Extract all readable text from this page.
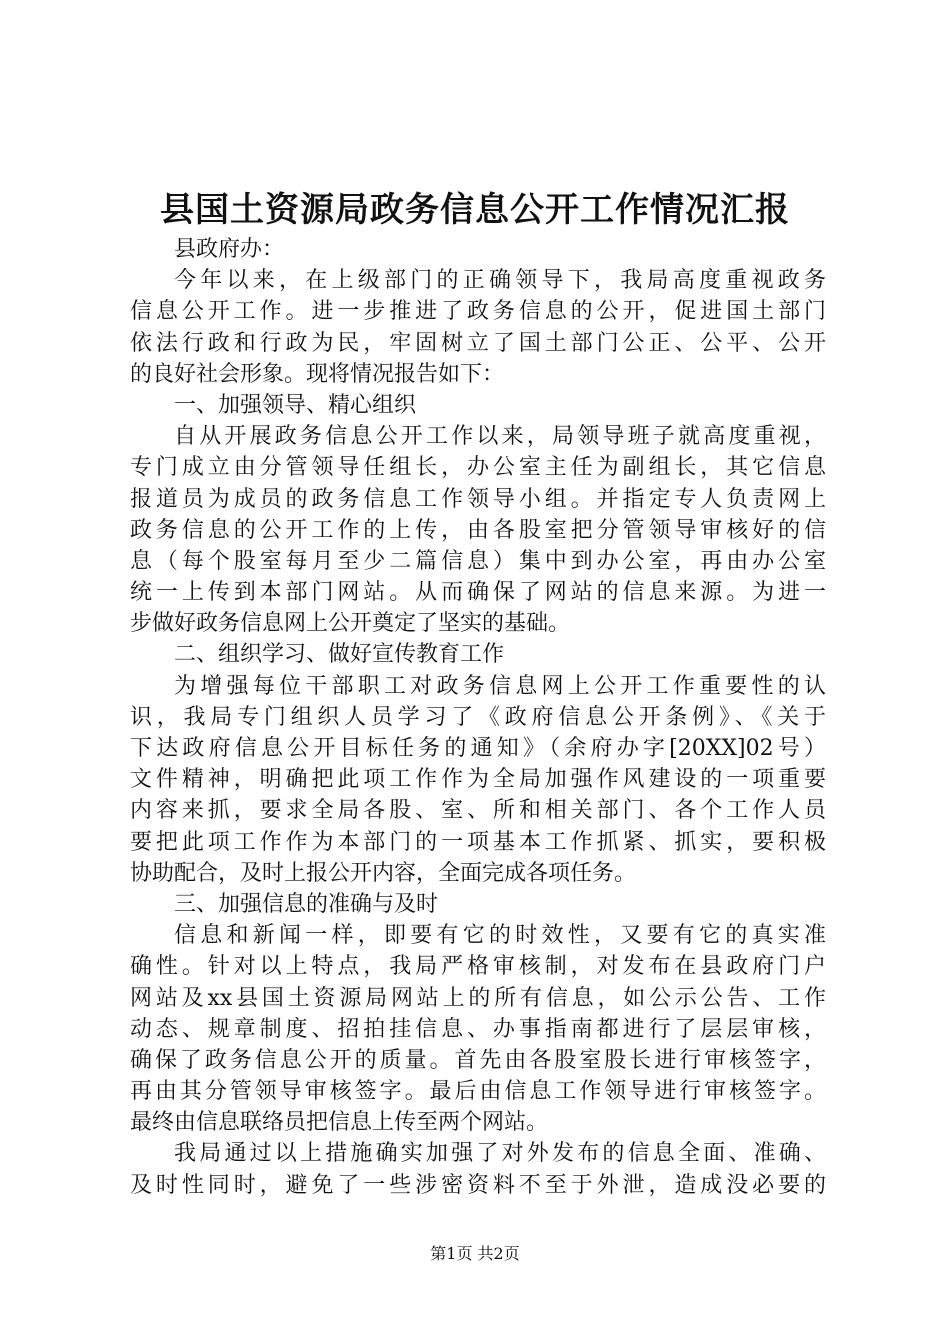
县国土资源局政务信息公开工作情况汇报
县政府办：
今年以来，在上级部门的正确领导下，我局高度重视政务
信息公开工作。进一步推进了政务信息的公开，促进国土部门
依法行政和行政为民，牢固树立了国土部门公正、公平、公开
的良好社会形象。现将情况报告如下：
一、加强领导、精心组织
自从开展政务信息公开工作以来，局领导班子就高度重视，
专门成立由分管领导任组长，办公室主任为副组长，其它信息
报道员为成员的政务信息工作领导小组。并指定专人负责网上
政务信息的公开工作的上传，由各股室把分管领导审核好的信
息（每个股室每月至少二篇信息）集中到办公室，再由办公室
统一上传到本部门网站。从而确保了网站的信息来源。为进一
步做好政务信息网上公开奠定了坚实的基础。
二、组织学习、做好宣传教育工作
为增强每位干部职工对政务信息网上公开工作重要性的认
识，我局专门组织人员学习了《政府信息公开条例》、《关于
下达政府信息公开目标任务的通知》（余府办字[20XX]02号）
文件精神，明确把此项工作作为全局加强作风建设的一项重要
内容来抓，要求全局各股、室、所和相关部门、各个工作人员
要把此项工作作为本部门的一项基本工作抓紧、抓实，要积极
协助配合，及时上报公开内容，全面完成各项任务。
三、加强信息的准确与及时
信息和新闻一样，即要有它的时效性，又要有它的真实准
确性。针对以上特点，我局严格审核制，对发布在县政府门户
网站及xx县国土资源局网站上的所有信息，如公示公告、工作
动态、规章制度、招拍挂信息、办事指南都进行了层层审核，
确保了政务信息公开的质量。首先由各股室股长进行审核签字，
再由其分管领导审核签字。最后由信息工作领导进行审核签字。
最终由信息联络员把信息上传至两个网站。
我局通过以上措施确实加强了对外发布的信息全面、准确、
及时性同时，避免了一些涉密资料不至于外泄，造成没必要的
第1页 共2页
